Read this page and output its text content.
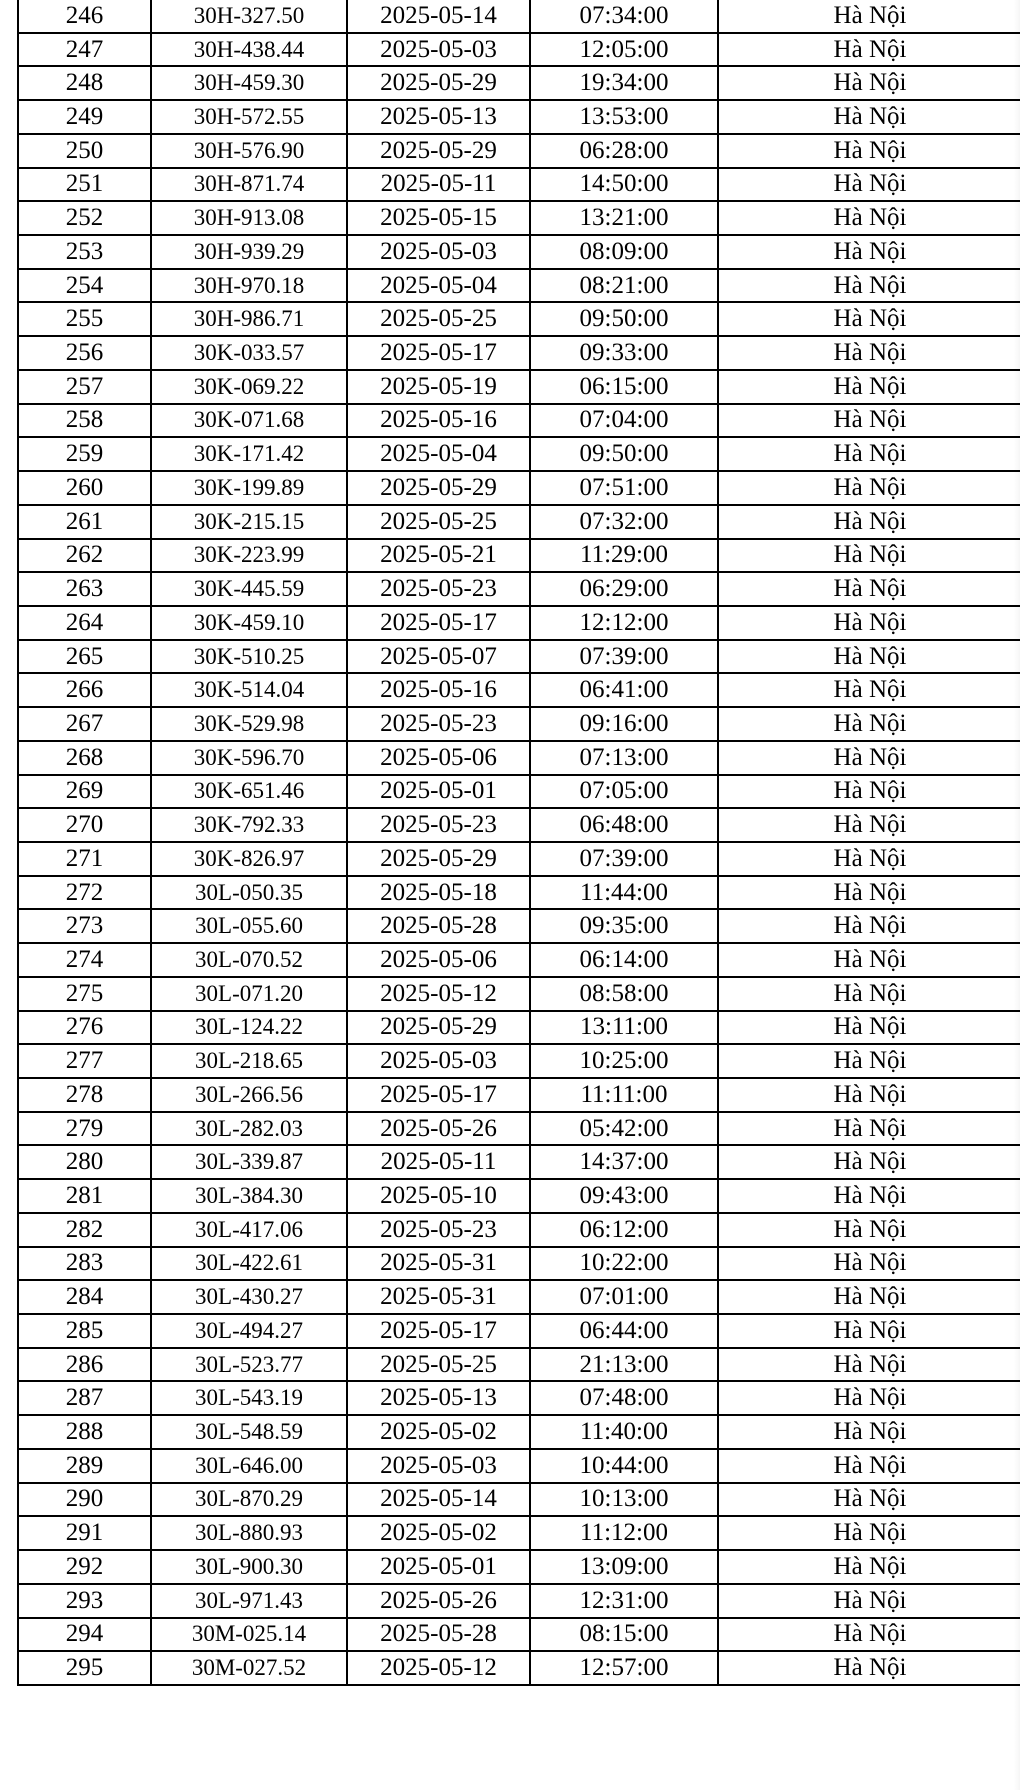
246	30H-327.50	2025-05-14	07:34:00	Hà Nội
247	30H-438.44	2025-05-03	12:05:00	Hà Nội
248	30H-459.30	2025-05-29	19:34:00	Hà Nội
249	30H-572.55	2025-05-13	13:53:00	Hà Nội
250	30H-576.90	2025-05-29	06:28:00	Hà Nội
251	30H-871.74	2025-05-11	14:50:00	Hà Nội
252	30H-913.08	2025-05-15	13:21:00	Hà Nội
253	30H-939.29	2025-05-03	08:09:00	Hà Nội
254	30H-970.18	2025-05-04	08:21:00	Hà Nội
255	30H-986.71	2025-05-25	09:50:00	Hà Nội
256	30K-033.57	2025-05-17	09:33:00	Hà Nội
257	30K-069.22	2025-05-19	06:15:00	Hà Nội
258	30K-071.68	2025-05-16	07:04:00	Hà Nội
259	30K-171.42	2025-05-04	09:50:00	Hà Nội
260	30K-199.89	2025-05-29	07:51:00	Hà Nội
261	30K-215.15	2025-05-25	07:32:00	Hà Nội
262	30K-223.99	2025-05-21	11:29:00	Hà Nội
263	30K-445.59	2025-05-23	06:29:00	Hà Nội
264	30K-459.10	2025-05-17	12:12:00	Hà Nội
265	30K-510.25	2025-05-07	07:39:00	Hà Nội
266	30K-514.04	2025-05-16	06:41:00	Hà Nội
267	30K-529.98	2025-05-23	09:16:00	Hà Nội
268	30K-596.70	2025-05-06	07:13:00	Hà Nội
269	30K-651.46	2025-05-01	07:05:00	Hà Nội
270	30K-792.33	2025-05-23	06:48:00	Hà Nội
271	30K-826.97	2025-05-29	07:39:00	Hà Nội
272	30L-050.35	2025-05-18	11:44:00	Hà Nội
273	30L-055.60	2025-05-28	09:35:00	Hà Nội
274	30L-070.52	2025-05-06	06:14:00	Hà Nội
275	30L-071.20	2025-05-12	08:58:00	Hà Nội
276	30L-124.22	2025-05-29	13:11:00	Hà Nội
277	30L-218.65	2025-05-03	10:25:00	Hà Nội
278	30L-266.56	2025-05-17	11:11:00	Hà Nội
279	30L-282.03	2025-05-26	05:42:00	Hà Nội
280	30L-339.87	2025-05-11	14:37:00	Hà Nội
281	30L-384.30	2025-05-10	09:43:00	Hà Nội
282	30L-417.06	2025-05-23	06:12:00	Hà Nội
283	30L-422.61	2025-05-31	10:22:00	Hà Nội
284	30L-430.27	2025-05-31	07:01:00	Hà Nội
285	30L-494.27	2025-05-17	06:44:00	Hà Nội
286	30L-523.77	2025-05-25	21:13:00	Hà Nội
287	30L-543.19	2025-05-13	07:48:00	Hà Nội
288	30L-548.59	2025-05-02	11:40:00	Hà Nội
289	30L-646.00	2025-05-03	10:44:00	Hà Nội
290	30L-870.29	2025-05-14	10:13:00	Hà Nội
291	30L-880.93	2025-05-02	11:12:00	Hà Nội
292	30L-900.30	2025-05-01	13:09:00	Hà Nội
293	30L-971.43	2025-05-26	12:31:00	Hà Nội
294	30M-025.14	2025-05-28	08:15:00	Hà Nội
295	30M-027.52	2025-05-12	12:57:00	Hà Nội
